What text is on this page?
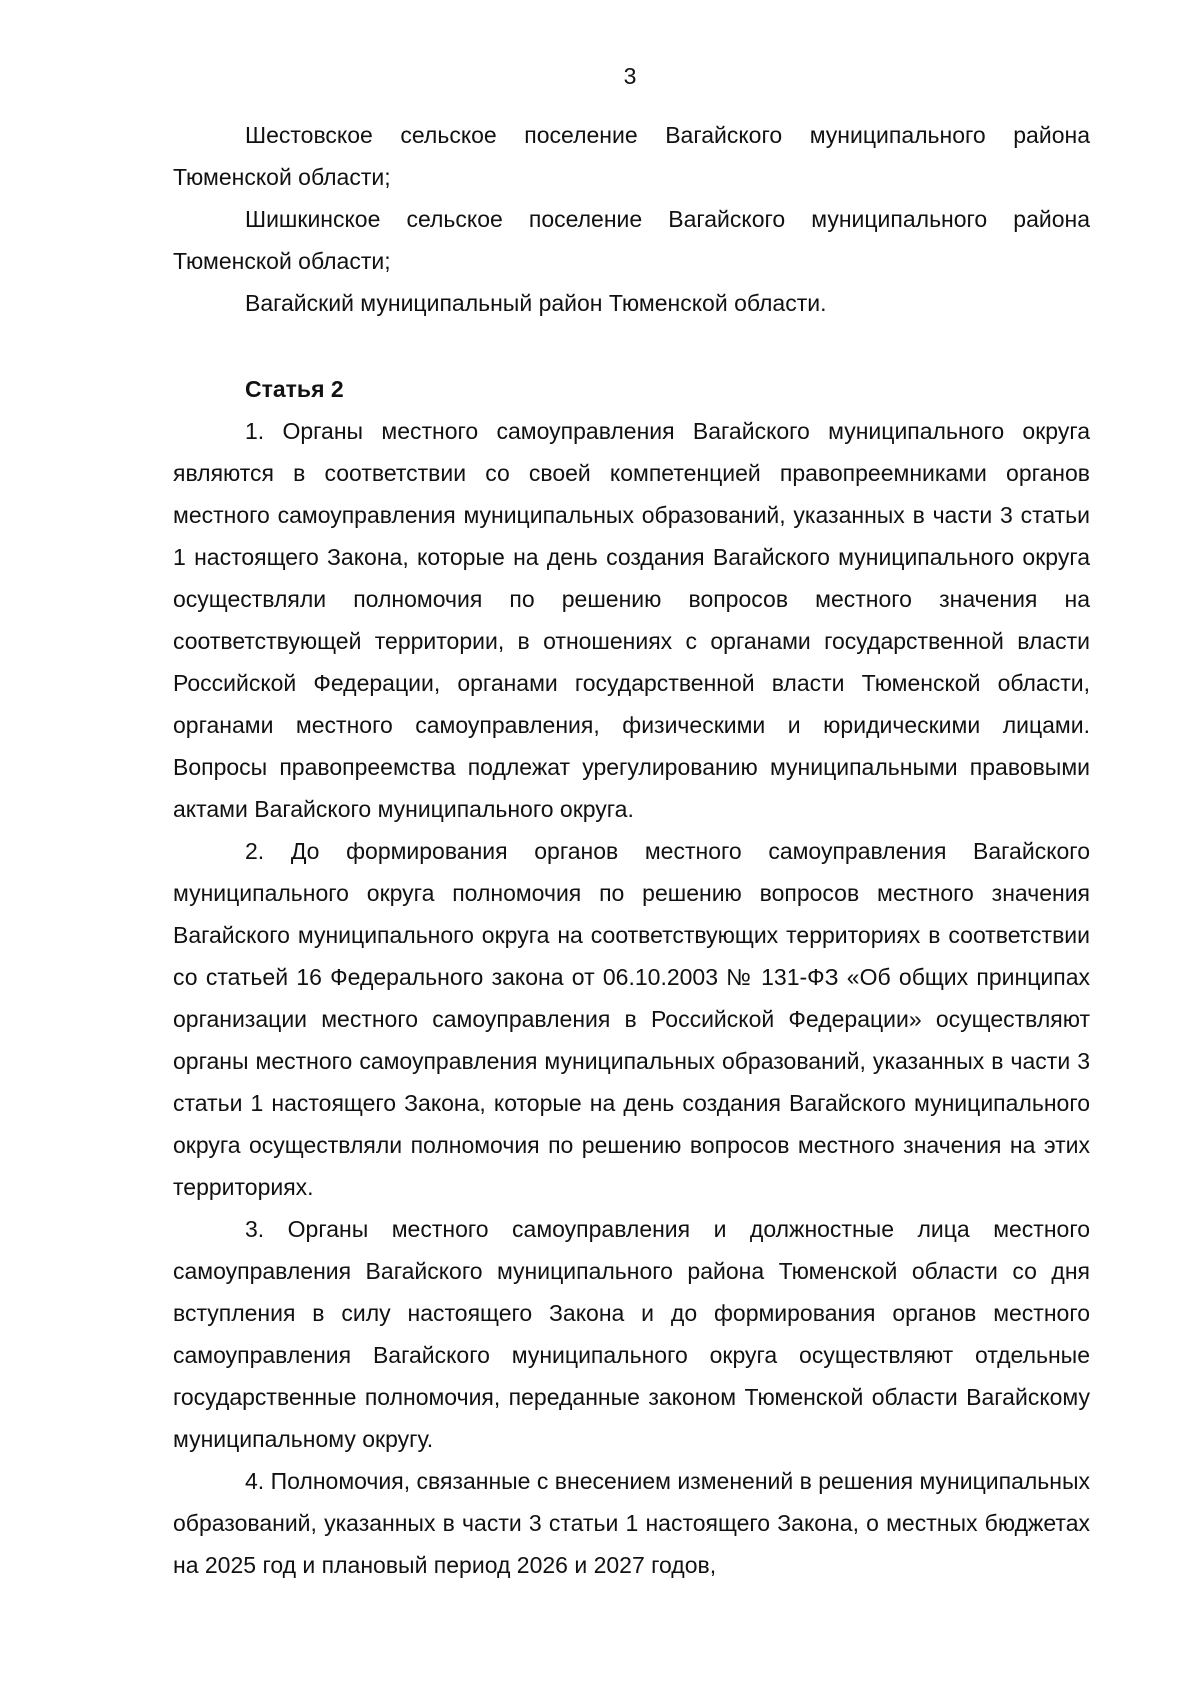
3

Шестовское сельское поселение Вагайского муниципального района Тюменской области;

Шишкинское сельское поселение Вагайского муниципального района Тюменской области;

Вагайский муниципальный район Тюменской области.

Статья 2

1. Органы местного самоуправления Вагайского муниципального округа являются в соответствии со своей компетенцией правопреемниками органов местного самоуправления муниципальных образований, указанных в части 3 статьи 1 настоящего Закона, которые на день создания Вагайского муниципального округа осуществляли полномочия по решению вопросов местного значения на соответствующей территории, в отношениях с органами государственной власти Российской Федерации, органами государственной власти Тюменской области, органами местного самоуправления, физическими и юридическими лицами. Вопросы правопреемства подлежат урегулированию муниципальными правовыми актами Вагайского муниципального округа.

2. До формирования органов местного самоуправления Вагайского муниципального округа полномочия по решению вопросов местного значения Вагайского муниципального округа на соответствующих территориях в соответствии со статьей 16 Федерального закона от 06.10.2003 № 131-ФЗ «Об общих принципах организации местного самоуправления в Российской Федерации» осуществляют органы местного самоуправления муниципальных образований, указанных в части 3 статьи 1 настоящего Закона, которые на день создания Вагайского муниципального округа осуществляли полномочия по решению вопросов местного значения на этих территориях.

3. Органы местного самоуправления и должностные лица местного самоуправления Вагайского муниципального района Тюменской области со дня вступления в силу настоящего Закона и до формирования органов местного самоуправления Вагайского муниципального округа осуществляют отдельные государственные полномочия, переданные законом Тюменской области Вагайскому муниципальному округу.

4. Полномочия, связанные с внесением изменений в решения муниципальных образований, указанных в части 3 статьи 1 настоящего Закона, о местных бюджетах на 2025 год и плановый период 2026 и 2027 годов,
